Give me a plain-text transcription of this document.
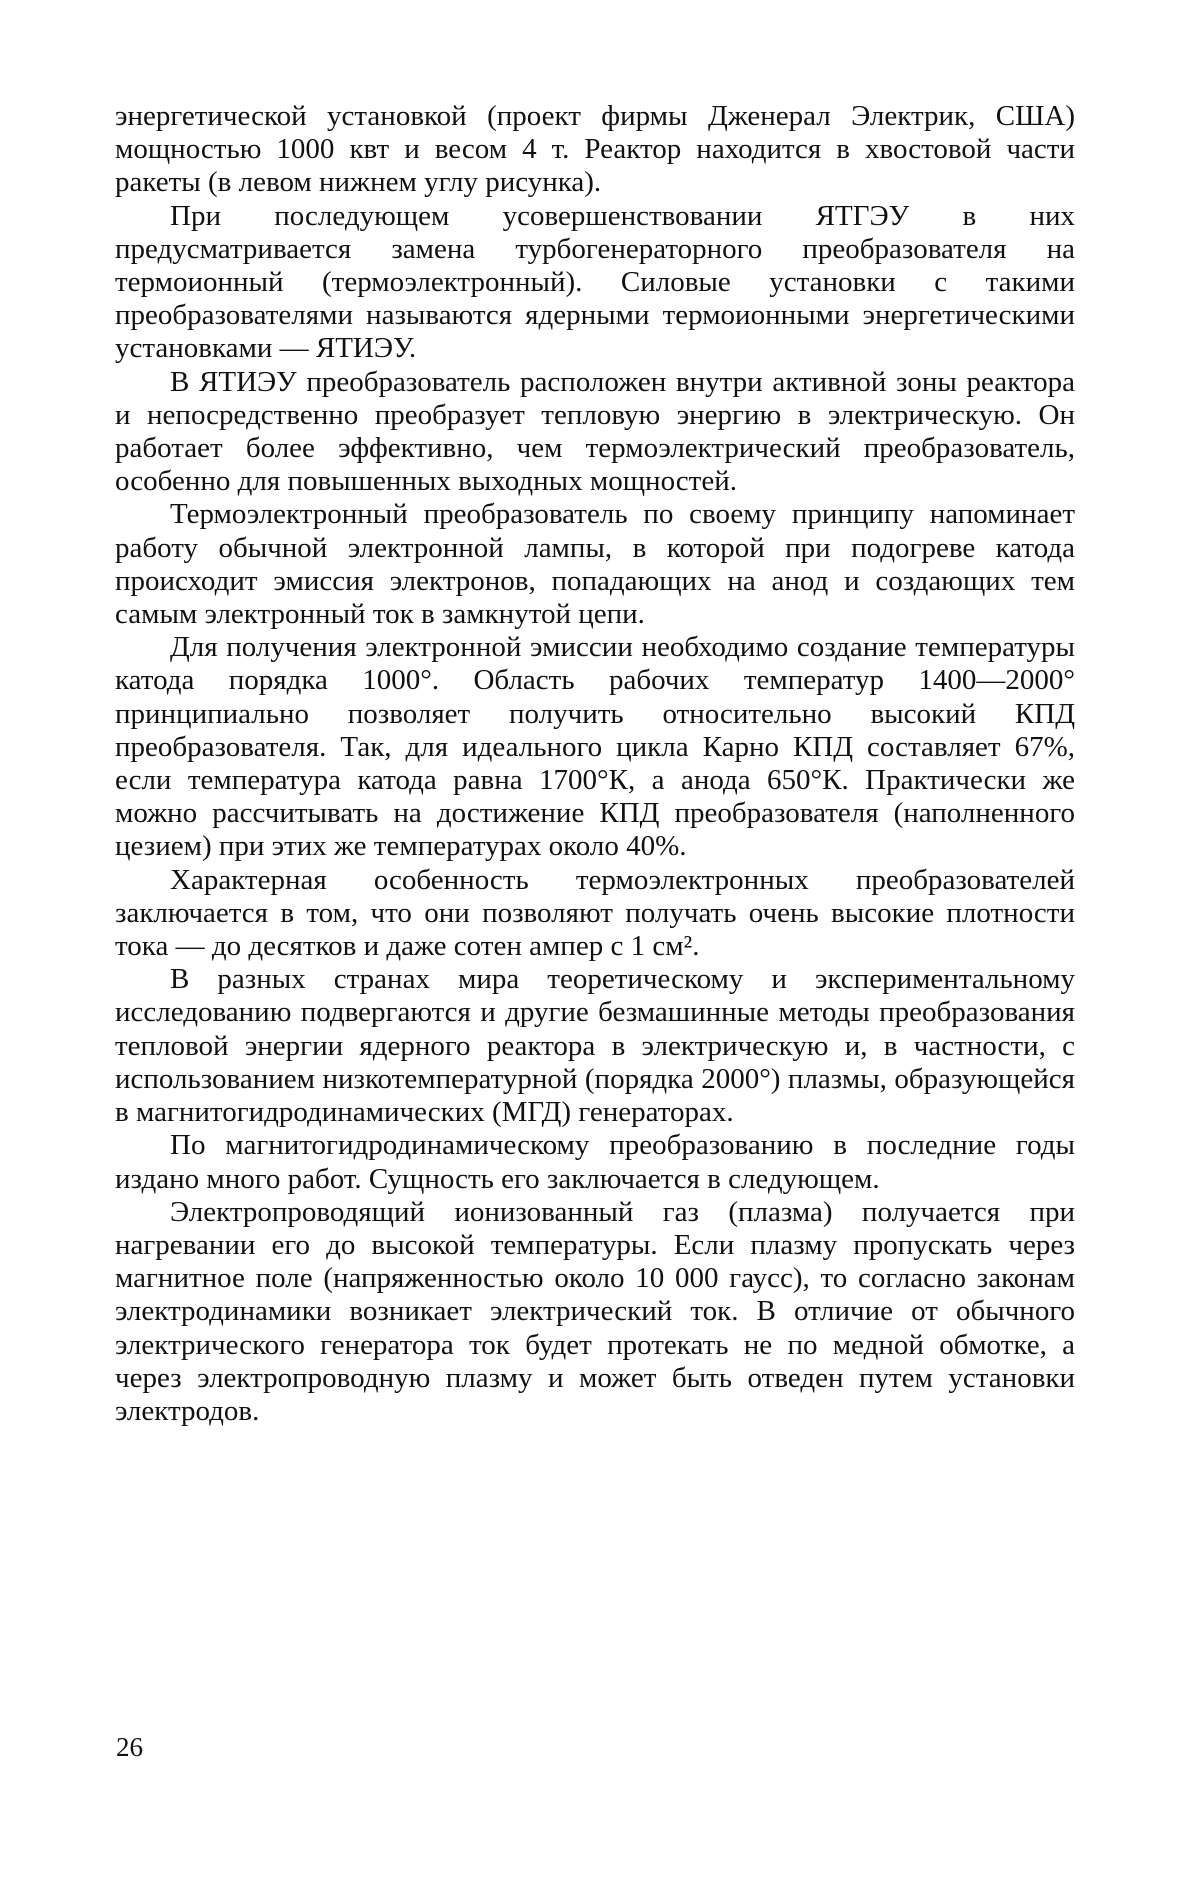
энергетической установкой (проект фирмы Дженерал Электрик, США) мощностью 1000 квт и весом 4 т. Реактор находится в хвостовой части ракеты (в левом нижнем углу рисунка).

При последующем усовершенствовании ЯТГЭУ в них предусматривается замена турбогенераторного преобразователя на термоионный (термоэлектронный). Силовые установки с такими преобразователями называются ядерными термоионными энергетическими установками — ЯТИЭУ.

В ЯТИЭУ преобразователь расположен внутри активной зоны реактора и непосредственно преобразует тепловую энергию в электрическую. Он работает более эффективно, чем термоэлектрический преобразователь, особенно для повышенных выходных мощностей.

Термоэлектронный преобразователь по своему принципу напоминает работу обычной электронной лампы, в которой при подогреве катода происходит эмиссия электронов, попадающих на анод и создающих тем самым электронный ток в замкнутой цепи.

Для получения электронной эмиссии необходимо создание температуры катода порядка 1000°. Область рабочих температур 1400—2000° принципиально позволяет получить относительно высокий КПД преобразователя. Так, для идеального цикла Карно КПД составляет 67%, если температура катода равна 1700°К, а анода 650°К. Практически же можно рассчитывать на достижение КПД преобразователя (наполненного цезием) при этих же температурах около 40%.

Характерная особенность термоэлектронных преобразователей заключается в том, что они позволяют получать очень высокие плотности тока — до десятков и даже сотен ампер с 1 см².

В разных странах мира теоретическому и экспериментальному исследованию подвергаются и другие безмашинные методы преобразования тепловой энергии ядерного реактора в электрическую и, в частности, с использованием низкотемпературной (порядка 2000°) плазмы, образующейся в магнитогидродинамических (МГД) генераторах.

По магнитогидродинамическому преобразованию в последние годы издано много работ. Сущность его заключается в следующем.

Электропроводящий ионизованный газ (плазма) получается при нагревании его до высокой температуры. Если плазму пропускать через магнитное поле (напряженностью около 10 000 гаусс), то согласно законам электродинамики возникает электрический ток. В отличие от обычного электрического генератора ток будет протекать не по медной обмотке, а через электропроводную плазму и может быть отведен путем установки электродов.

26
